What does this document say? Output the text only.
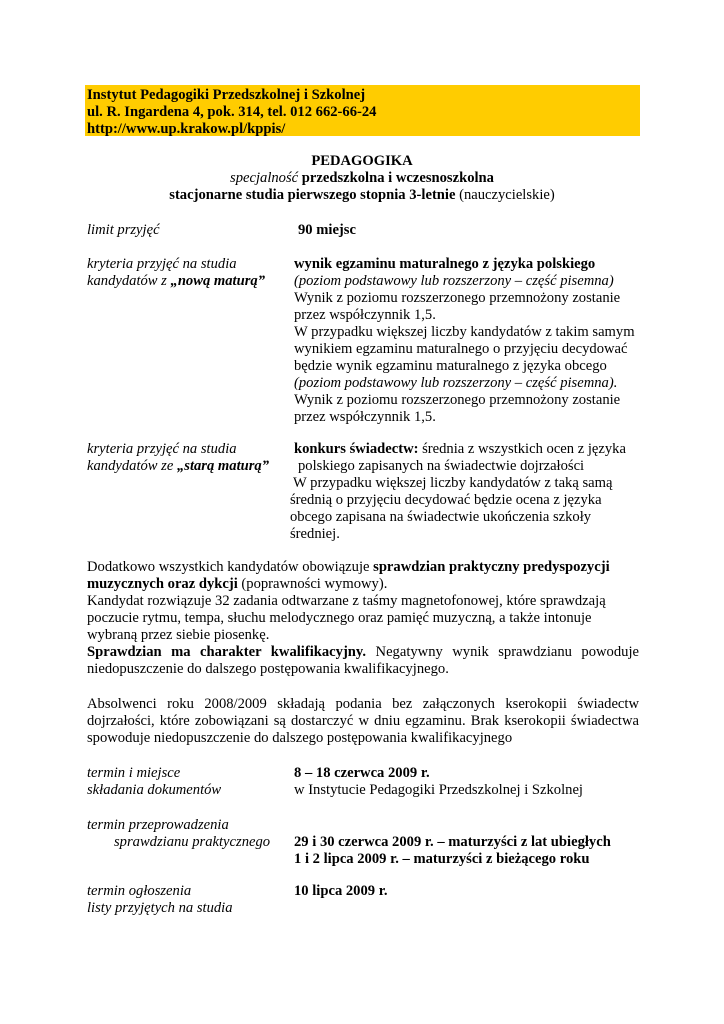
Instytut Pedagogiki Przedszkolnej i Szkolnej
ul. R. Ingardena 4, pok. 314, tel. 012 662-66-24
http://www.up.krakow.pl/kppis/
PEDAGOGIKA
specjalność przedszkolna i wczesnoszkolna
stacjonarne studia pierwszego stopnia 3-letnie (nauczycielskie)
limit przyjęć	90 miejsc
kryteria przyjęć na studia
kandydatów z „nową maturą”
wynik egzaminu maturalnego z języka polskiego
(poziom podstawowy lub rozszerzony – część pisemna)
Wynik z poziomu rozszerzonego przemnożony zostanie
przez współczynnik 1,5.
W przypadku większej liczby kandydatów z takim samym
wynikiem egzaminu maturalnego o przyjęciu decydować
będzie wynik egzaminu maturalnego z języka obcego
(poziom podstawowy lub rozszerzony – część pisemna).
Wynik z poziomu rozszerzonego przemnożony zostanie
przez współczynnik 1,5.
kryteria przyjęć na studia
kandydatów ze „starą maturą”
konkurs świadectw: średnia z wszystkich ocen z języka
polskiego zapisanych na świadectwie dojrzałości
W przypadku większej liczby kandydatów z taką samą
średnią o przyjęciu decydować będzie ocena z języka
obcego zapisana na świadectwie ukończenia szkoły
średniej.
Dodatkowo wszystkich kandydatów obowiązuje sprawdzian praktyczny predyspozycji
muzycznych oraz dykcji (poprawności wymowy).
Kandydat rozwiązuje 32 zadania odtwarzane z taśmy magnetofonowej, które sprawdzają
poczucie rytmu, tempa, słuchu melodycznego oraz pamięć muzyczną, a także intonuje
wybraną przez siebie piosenkę.
Sprawdzian ma charakter kwalifikacyjny. Negatywny wynik sprawdzianu powoduje
niedopuszczenie do dalszego postępowania kwalifikacyjnego.
Absolwenci roku 2008/2009 składają podania bez załączonych kserokopii świadectw
dojrzałości, które zobowiązani są dostarczyć w dniu egzaminu. Brak kserokopii świadectwa
spowoduje niedopuszczenie do dalszego postępowania kwalifikacyjnego
termin i miejsce
składania dokumentów
8 – 18 czerwca 2009 r.
w Instytucie Pedagogiki Przedszkolnej i Szkolnej
termin przeprowadzenia
sprawdzianu praktycznego 29 i 30 czerwca 2009 r. – maturzyści z lat ubiegłych
1 i 2 lipca 2009 r. – maturzyści z bieżącego roku
termin ogłoszenia
listy przyjętych na studia
10 lipca 2009 r.
